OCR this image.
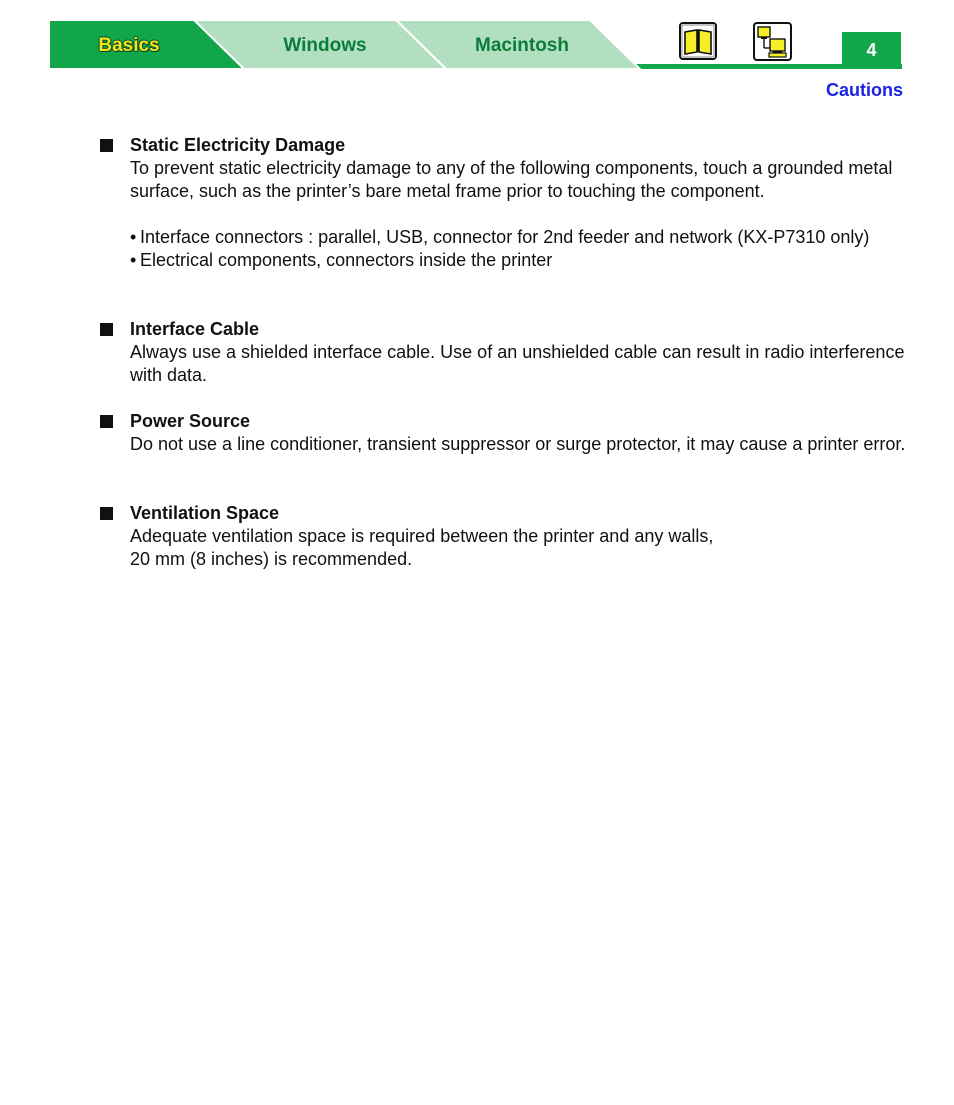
Basics	Windows	Macintosh	4
Cautions
Static Electricity Damage
To prevent static electricity damage to any of the following components, touch a grounded metal surface, such as the printer’s bare metal frame prior to touching the component.
• Interface connectors : parallel, USB, connector for 2nd feeder and network (KX-P7310 only)
• Electrical components, connectors inside the printer
Interface Cable
Always use a shielded interface cable. Use of an unshielded cable can result in radio interference with data.
Power Source
Do not use a line conditioner, transient suppressor or surge protector, it may cause a printer error.
Ventilation Space
Adequate ventilation space is required between the printer and any walls,
20 mm (8 inches) is recommended.
